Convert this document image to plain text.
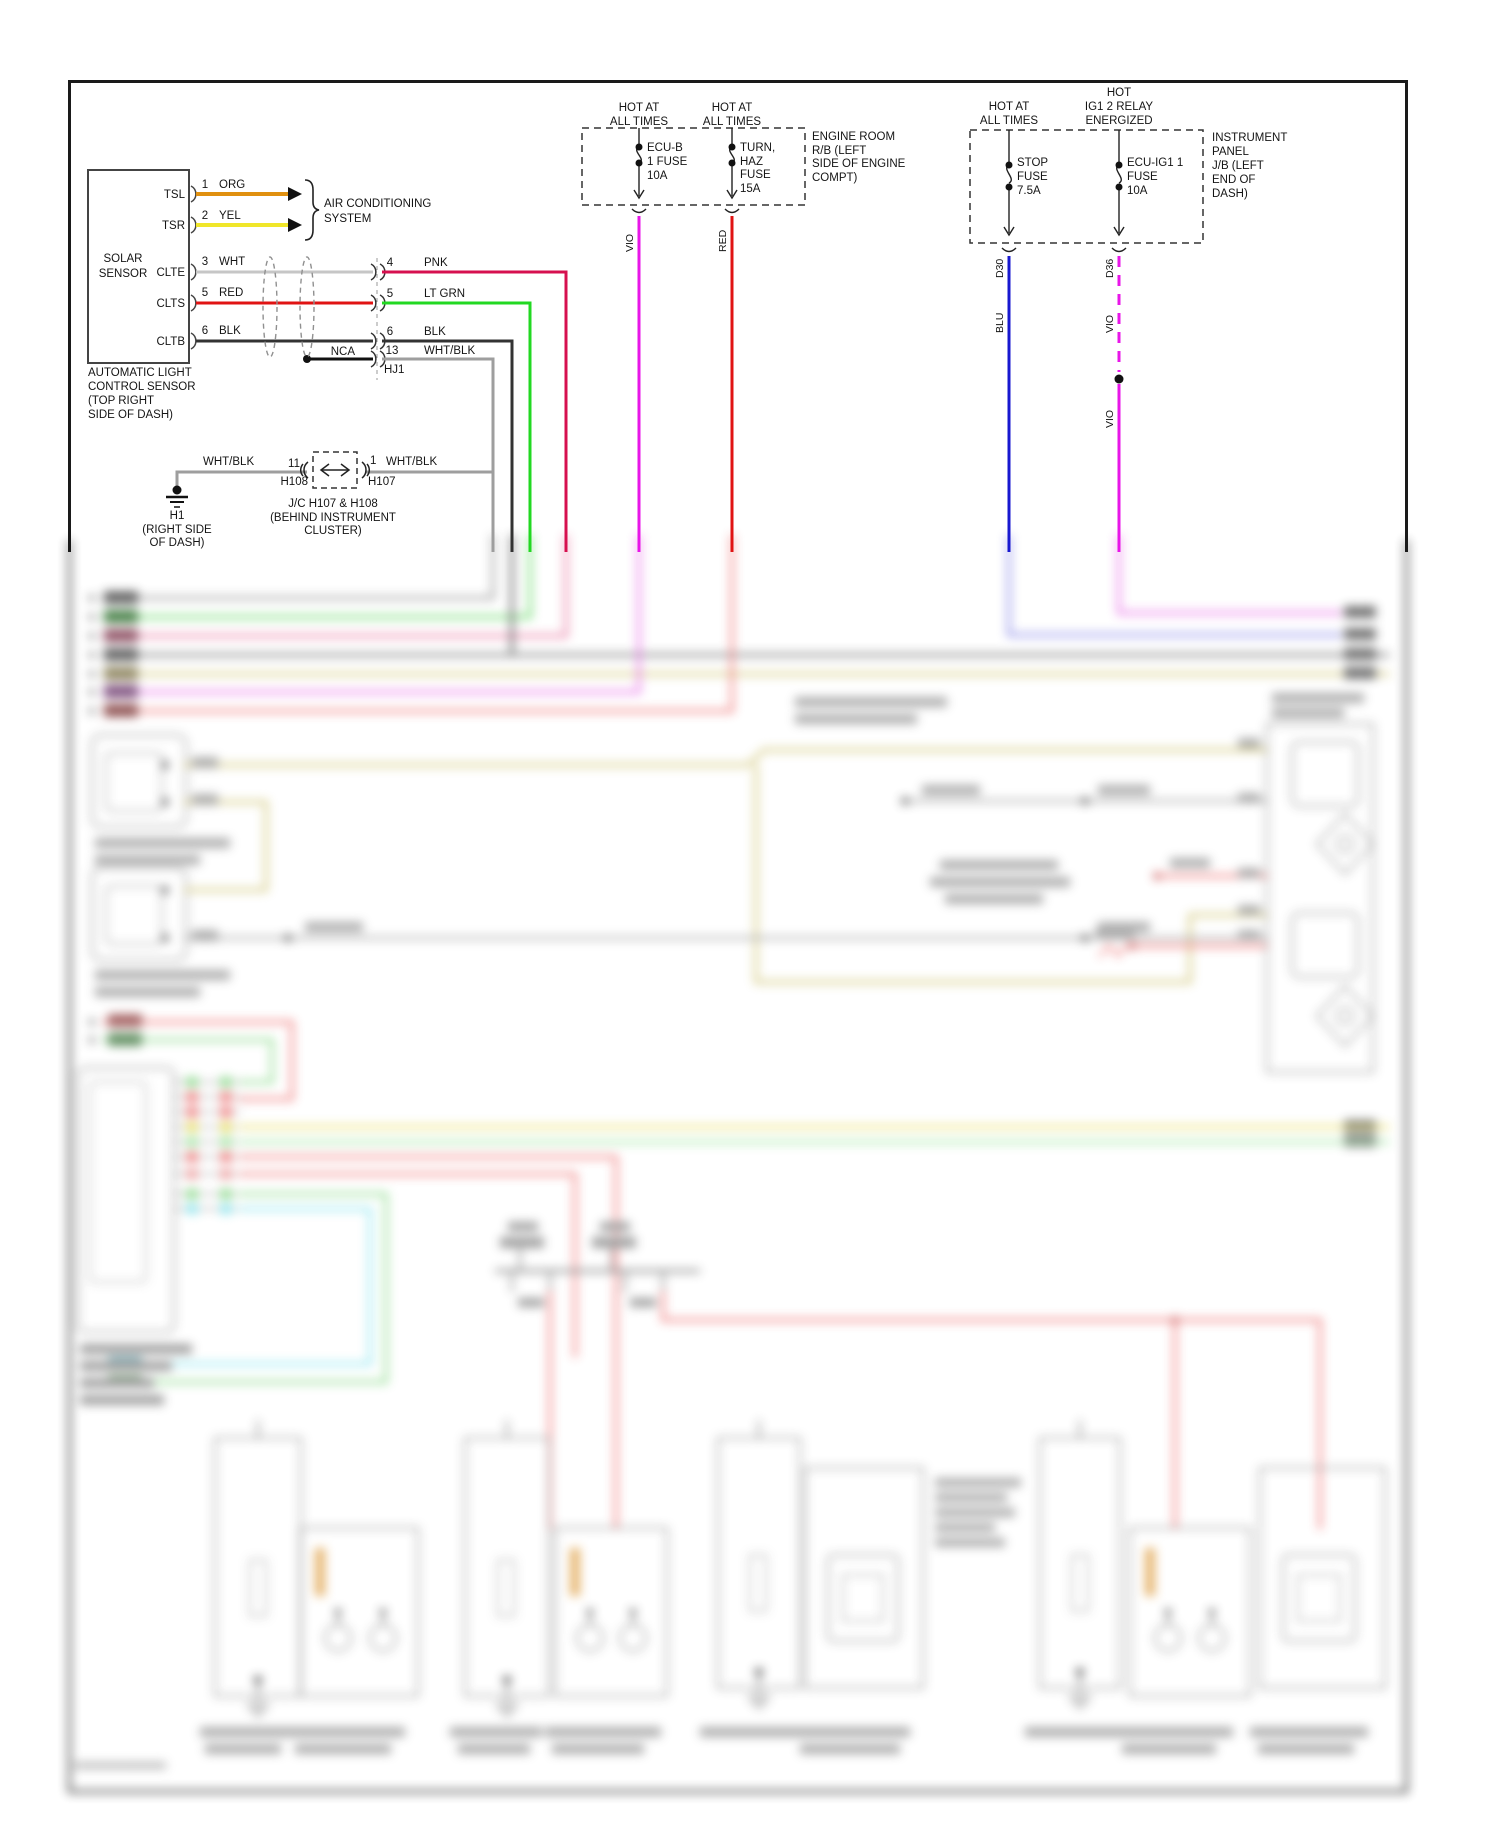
SOLAR
SENSOR
TSL
TSR
CLTE
CLTS
CLTB
AUTOMATIC LIGHT
CONTROL SENSOR
(TOP RIGHT
SIDE OF DASH)
AIR CONDITIONING
SYSTEM
1 ORG
2 YEL
3 WHT
5 RED
6 BLK
NCA
4	PNK
5	LT GRN
6	BLK
13 WHT/BLK
HJ1
WHT/BLK	11
H108
1 WHT/BLK
H107
J/C H107 & H108
(BEHIND INSTRUMENT
CLUSTER)
H1
(RIGHT SIDE
OF DASH)
HOT AT
ALL TIMES
HOT AT
ALL TIMES
ECU-B
1 FUSE
10A
TURN,
HAZ
FUSE
15A
ENGINE ROOM
R/B (LEFT
SIDE OF ENGINE
COMPT)
VIO	RED
HOT AT
ALL TIMES
HOT
IG1 2 RELAY
ENERGIZED
STOP
FUSE
7.5A
ECU-IG1 1
FUSE
10A
INSTRUMENT
PANEL
J/B (LEFT
END OF
DASH)
D30
BLU
D36
VIO
VIO
